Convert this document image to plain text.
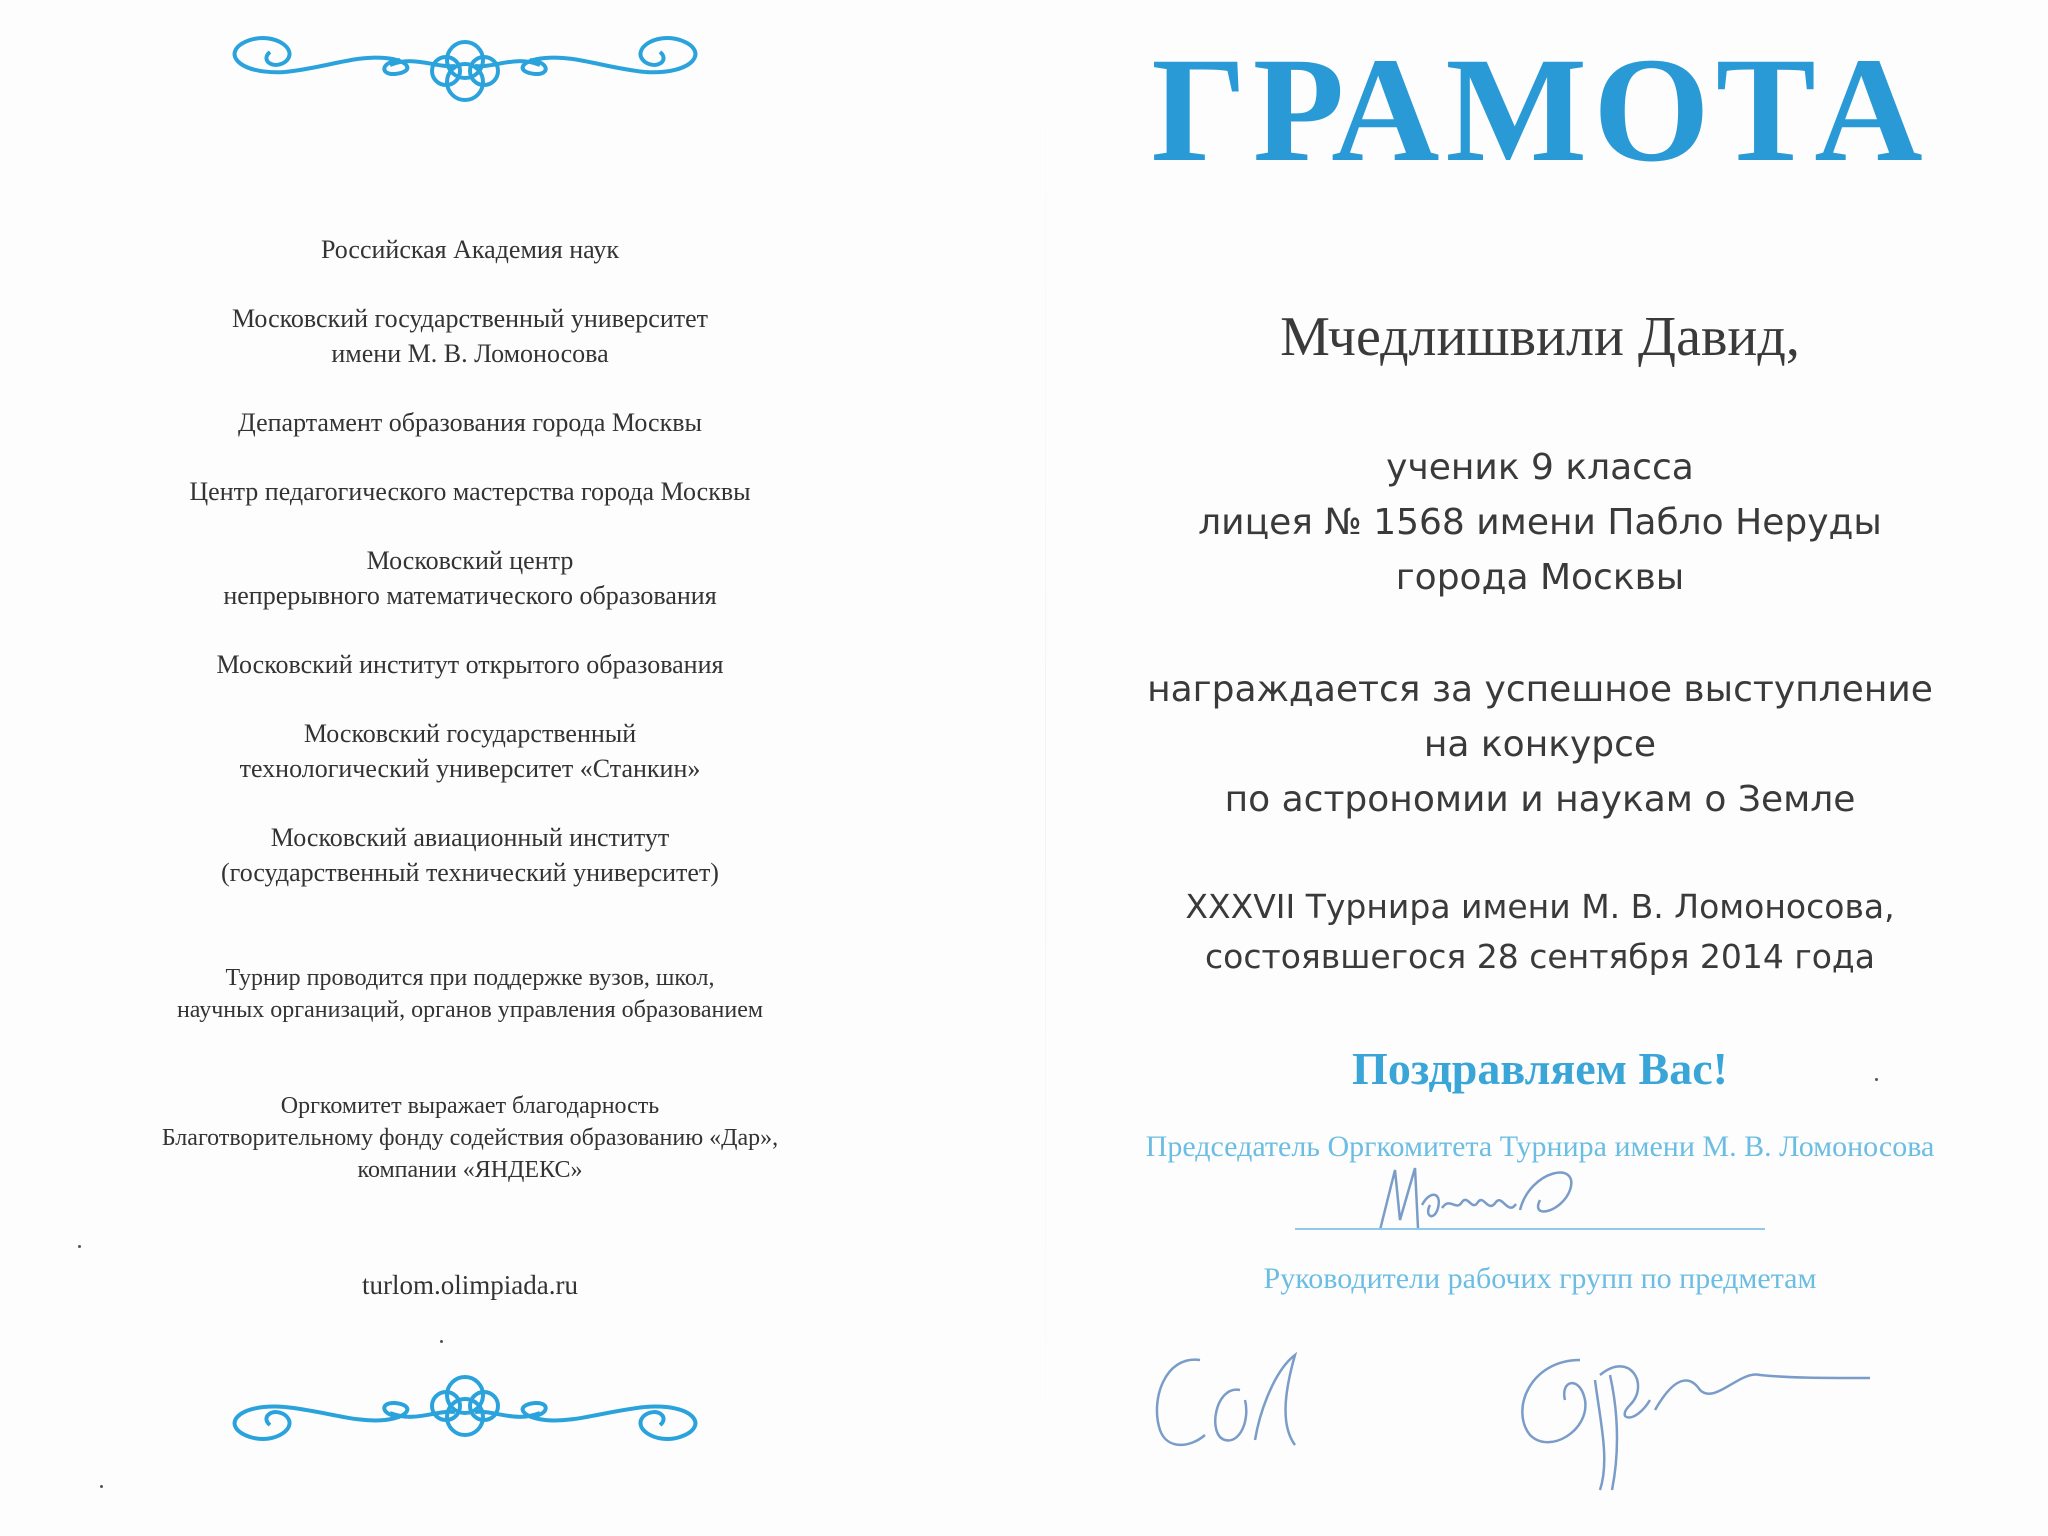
Российская Академия наук
Московский государственный университет
имени М. В. Ломоносова
Департамент образования города Москвы
Центр педагогического мастерства города Москвы
Московский центр
непрерывного математического образования
Московский институт открытого образования
Московский государственный
технологический университет «Станкин»
Московский авиационный институт
(государственный технический университет)
Турнир проводится при поддержке вузов, школ,
научных организаций, органов управления образованием
Оргкомитет выражает благодарность
Благотворительному фонду содействия образованию «Дар»,
компании «ЯНДЕКС»
turlom.olimpiada.ru
ГРАМОТА
Мчедлишвили Давид,
ученик 9 класса
лицея № 1568 имени Пабло Неруды
города Москвы
награждается за успешное выступление
на конкурсе
по астрономии и наукам о Земле
XXXVII Турнира имени М. В. Ломоносова,
состоявшегося 28 сентября 2014 года
Поздравляем Вас!
Председатель Оргкомитета Турнира имени М. В. Ломоносова
Руководители рабочих групп по предметам
